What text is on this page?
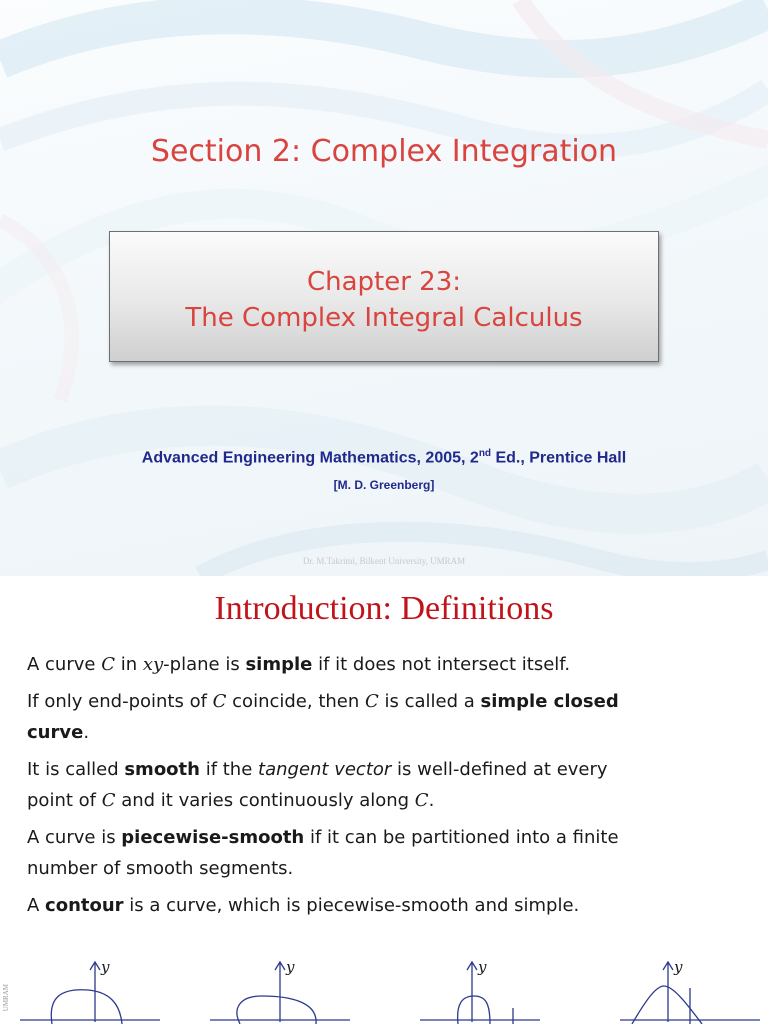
Section 2: Complex Integration
Chapter 23:
The Complex Integral Calculus
Advanced Engineering Mathematics, 2005, 2nd Ed., Prentice Hall
[M. D. Greenberg]
Dr. M.Takrimi, Bilkent University, UMRAM
Introduction: Definitions
A curve C in xy-plane is simple if it does not intersect itself.
If only end-points of C coincide, then C is called a simple closed
curve.
It is called smooth if the tangent vector is well-defined at every
point of C and it varies continuously along C.
A curve is piecewise-smooth if it can be partitioned into a finite
number of smooth segments.
A contour is a curve, which is piecewise-smooth and simple.
y	y	y	y
UMRAM
